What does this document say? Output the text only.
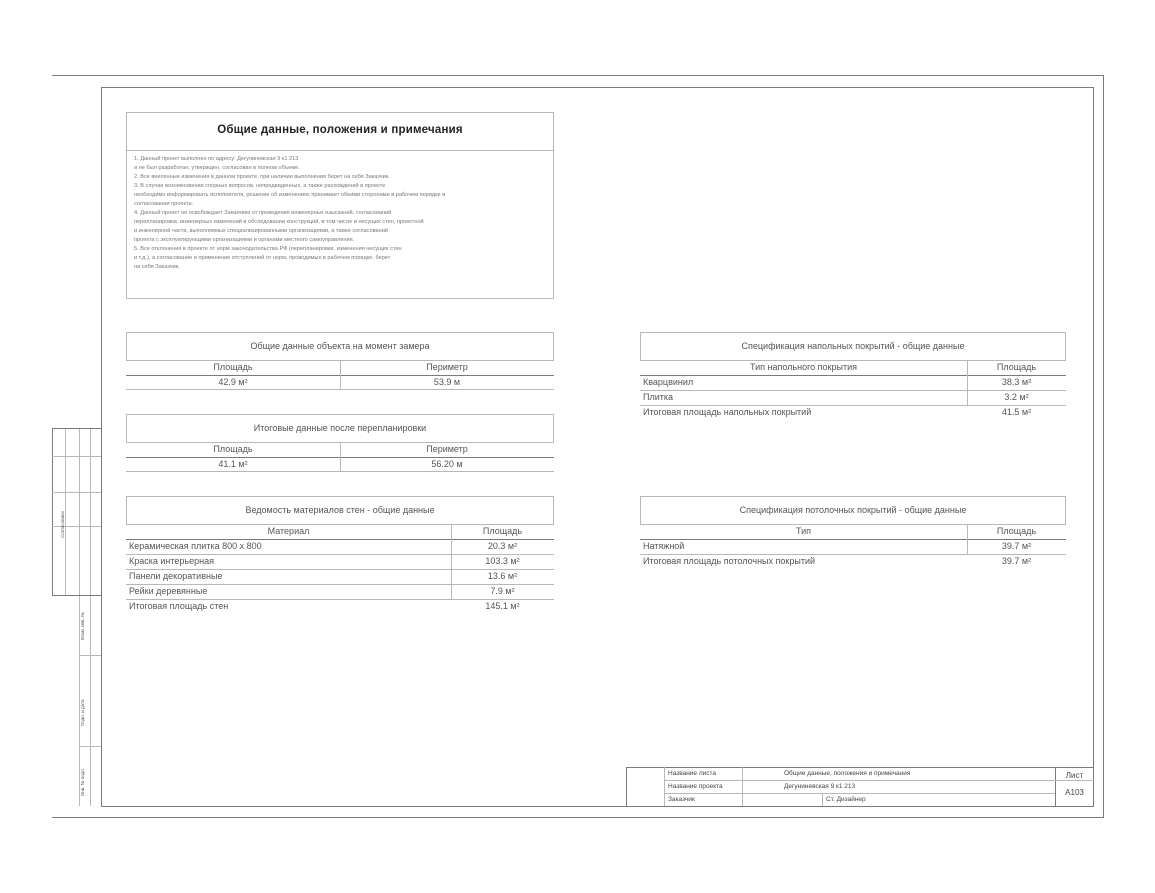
Согласовано
Взам. инв. №
Подп. и дата
Инв. № подл.
Общие данные, положения и примечания
1. Данный проект выполнен по адресу: Дегуниневская 9 к1 213
и не был разработан, утвержден, согласован в полном объеме.
2. Все внесенные изменения в данном проекте, при наличии выполнения берет на себя Заказчик.
3. В случае возникновения спорных вопросов, непредвиденных, а также расхождений в проекте
необходимо информировать исполнителя, решение об изменениях принимает обеими сторонами в рабочем порядке в
согласовании проекта.
4. Данный проект не освобождает Заказчика от проведения инженерных изысканий, согласований
перепланировки, инженерных изменений в обследовании конструкций, в том числе и несущих стен, проектной
и инженерной части, выполняемых специализированными организациями, а также согласований
проекта с эксплуатирующими организациями и органами местного самоуправления.
5. Все отклонения в проекте от норм законодательства РФ (перепланировки, изменения несущих стен
и т.д.), а согласование и применение отступлений от норм, проводимых в рабочем порядке, берет
на себя Заказчик.
Общие данные объекта на момент замера
Площадь	Периметр
42.9 м²	53.9 м
Итоговые данные после перепланировки
Площадь	Периметр
41.1 м²	56.20 м
Ведомость материалов стен - общие данные
Материал	Площадь
Керамическая плитка 800 х 800	20.3 м²
Краска интерьерная	103.3 м²
Панели декоративные	13.6 м²
Рейки деревянные	7.9 м²
Итоговая площадь стен	145.1 м²
Спецификация напольных покрытий - общие данные
Тип напольного покрытия	Площадь
Кварцвинил	38.3 м²
Плитка	3.2 м²
Итоговая площадь напольных покрытий	41.5 м²
Спецификация потолочных покрытий - общие данные
Тип	Площадь
Натяжной	39.7 м²
Итоговая площадь потолочных покрытий	39.7 м²
Название листа	Общие данные, положения и примечания
Название проекта	Дегуниневская 9 к1 213
Заказчик	Ст. Дизайнер
Лист
А103
